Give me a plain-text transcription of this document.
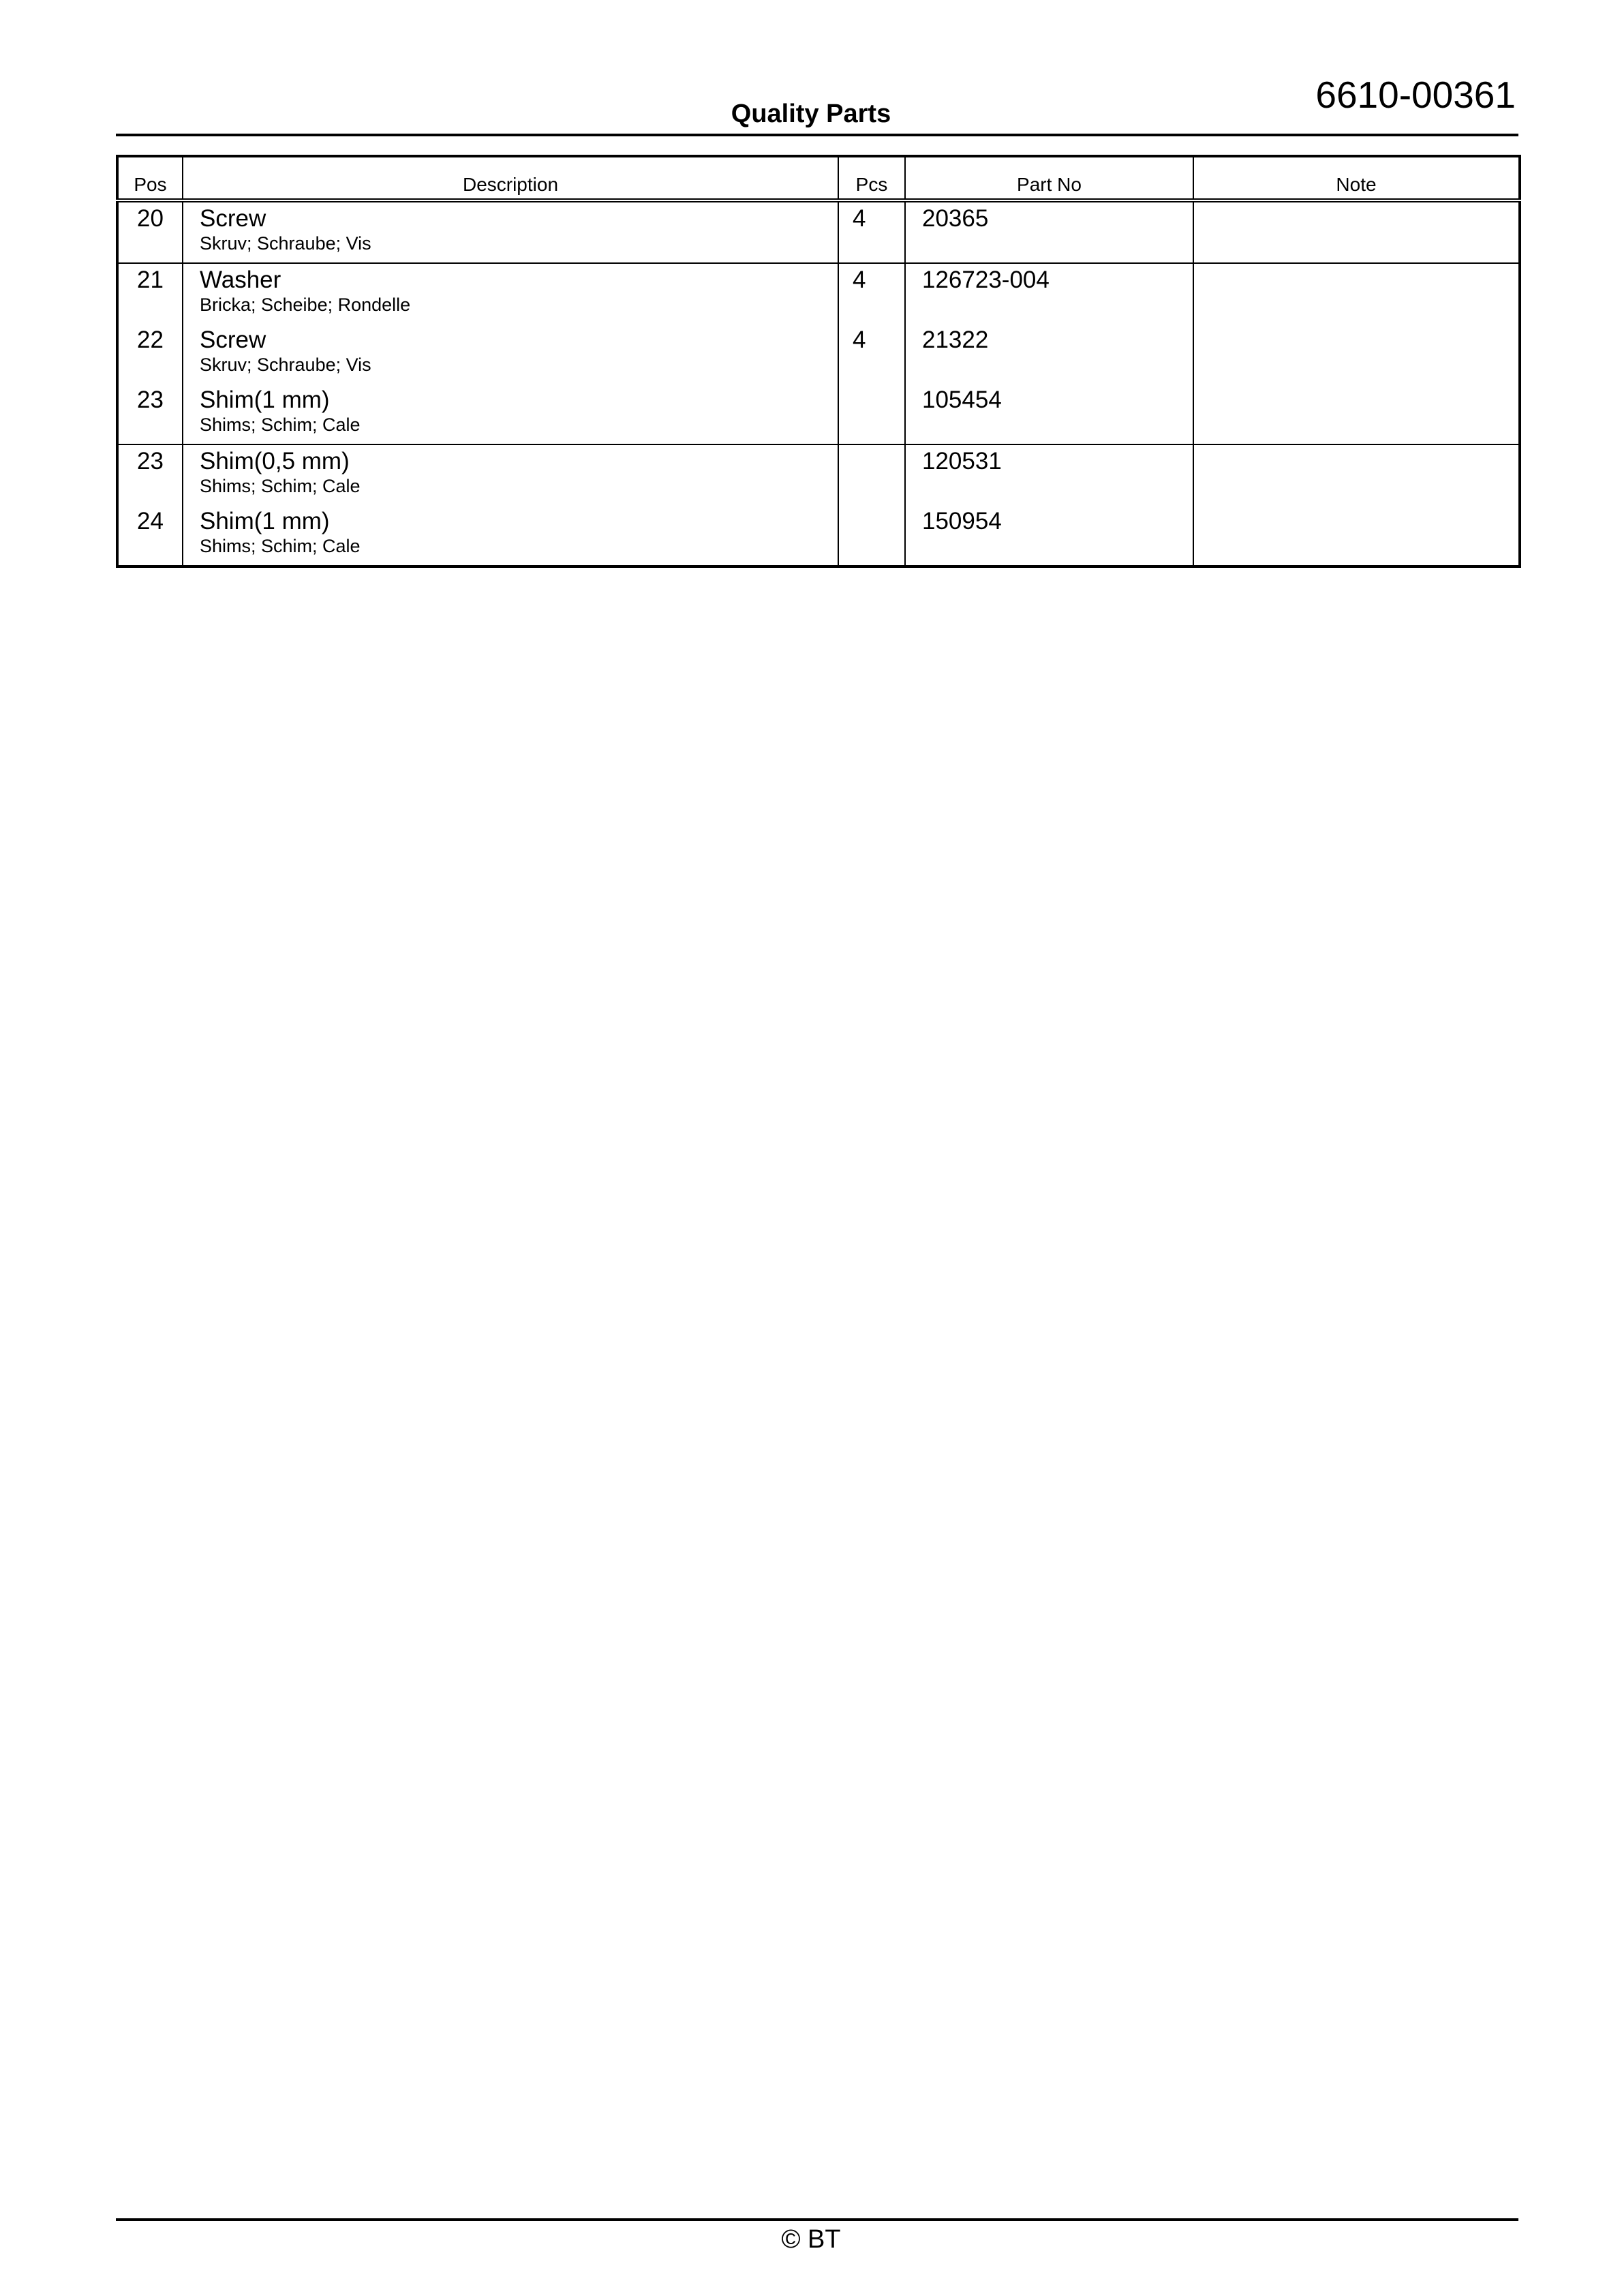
6610-00361
Quality Parts
Pos	Description	Pcs	Part No	Note

20	Screw
Skruv; Schraube; Vis	4	20365	

21	Washer
Bricka; Scheibe; Rondelle	4	126723-004	

22	Screw
Skruv; Schraube; Vis	4	21322	

23	Shim(1 mm)
Shims; Schim; Cale		105454	

23	Shim(0,5 mm)
Shims; Schim; Cale		120531	

24	Shim(1 mm)
Shims; Schim; Cale		150954	

© BT
